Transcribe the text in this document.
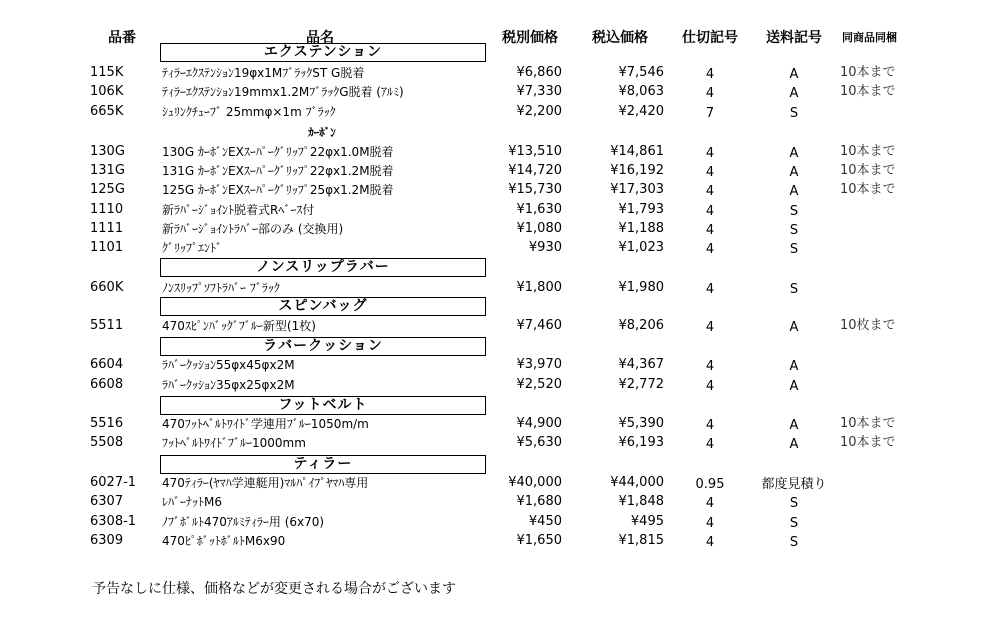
品番	品名	税別価格 税込価格 仕切記号 送料記号 同商品同梱
エクステンション
115K	ﾃｨﾗｰｴｸｽﾃﾝｼｮﾝ19φx1MﾌﾞﾗｯｸST G脱着	¥6,860	¥7,546	4	A	10本まで
106K	ﾃｨﾗｰｴｸｽﾃﾝｼｮﾝ19mmx1.2MﾌﾞﾗｯｸG脱着 (ｱﾙﾐ)	¥7,330	¥8,063	4	A	10本まで
665K	ｼｭﾘﾝｸﾁｭｰﾌﾞ 25mmφ×1m ﾌﾞﾗｯｸ	¥2,200	¥2,420	7	S
ｶｰﾎﾞﾝ
130G	130G ｶｰﾎﾞﾝEXｽｰﾊﾟｰｸﾞﾘｯﾌﾟ22φx1.0M脱着	¥13,510	¥14,861	4	A	10本まで
131G	131G ｶｰﾎﾞﾝEXｽｰﾊﾟｰｸﾞﾘｯﾌﾟ22φx1.2M脱着	¥14,720	¥16,192	4	A	10本まで
125G	125G ｶｰﾎﾞﾝEXｽｰﾊﾟｰｸﾞﾘｯﾌﾟ25φx1.2M脱着	¥15,730	¥17,303	4	A	10本まで
1110	新ﾗﾊﾞｰｼﾞｮｲﾝﾄ脱着式Rﾍﾞｰｽ付	¥1,630	¥1,793	4	S
1111	新ﾗﾊﾞｰｼﾞｮｲﾝﾄﾗﾊﾞｰ部のみ (交換用)	¥1,080	¥1,188	4	S
1101	ｸﾞﾘｯﾌﾟｴﾝﾄﾞ	¥930	¥1,023	4	S
ノンスリップラバー
660K	ﾉﾝｽﾘｯﾌﾟｿﾌﾄﾗﾊﾞｰ ﾌﾞﾗｯｸ	¥1,800	¥1,980	4	S
スピンバッグ
5511	470ｽﾋﾟﾝﾊﾞｯｸﾞﾌﾞﾙｰ新型(1枚)	¥7,460	¥8,206	4	A	10枚まで
ラバークッション
6604	ﾗﾊﾞｰｸｯｼｮﾝ55φx45φx2M	¥3,970	¥4,367	4	A
6608	ﾗﾊﾞｰｸｯｼｮﾝ35φx25φx2M	¥2,520	¥2,772	4	A
フットベルト
5516	470ﾌｯﾄﾍﾞﾙﾄﾜｲﾄﾞ学連用ﾌﾞﾙｰ1050m/m	¥4,900	¥5,390	4	A	10本まで
5508	ﾌｯﾄﾍﾞﾙﾄﾜｲﾄﾞﾌﾞﾙｰ1000mm	¥5,630	¥6,193	4	A	10本まで
ティラー
6027-1 470ﾃｨﾗｰ(ﾔﾏﾊ学連艇用)ﾏﾙﾊﾟｲﾌﾟﾔﾏﾊ専用	¥40,000	¥44,000	0.95	都度見積り
6307	ﾚﾊﾞｰﾅｯﾄM6	¥1,680	¥1,848	4	S
6308-1 ﾉﾌﾞﾎﾞﾙﾄ470ｱﾙﾐﾃｨﾗｰ用 (6x70)	¥450	¥495	4	S
6309	470ﾋﾟﾎﾞｯﾄﾎﾞﾙﾄM6x90	¥1,650	¥1,815	4	S
予告なしに仕様、価格などが変更される場合がございます
